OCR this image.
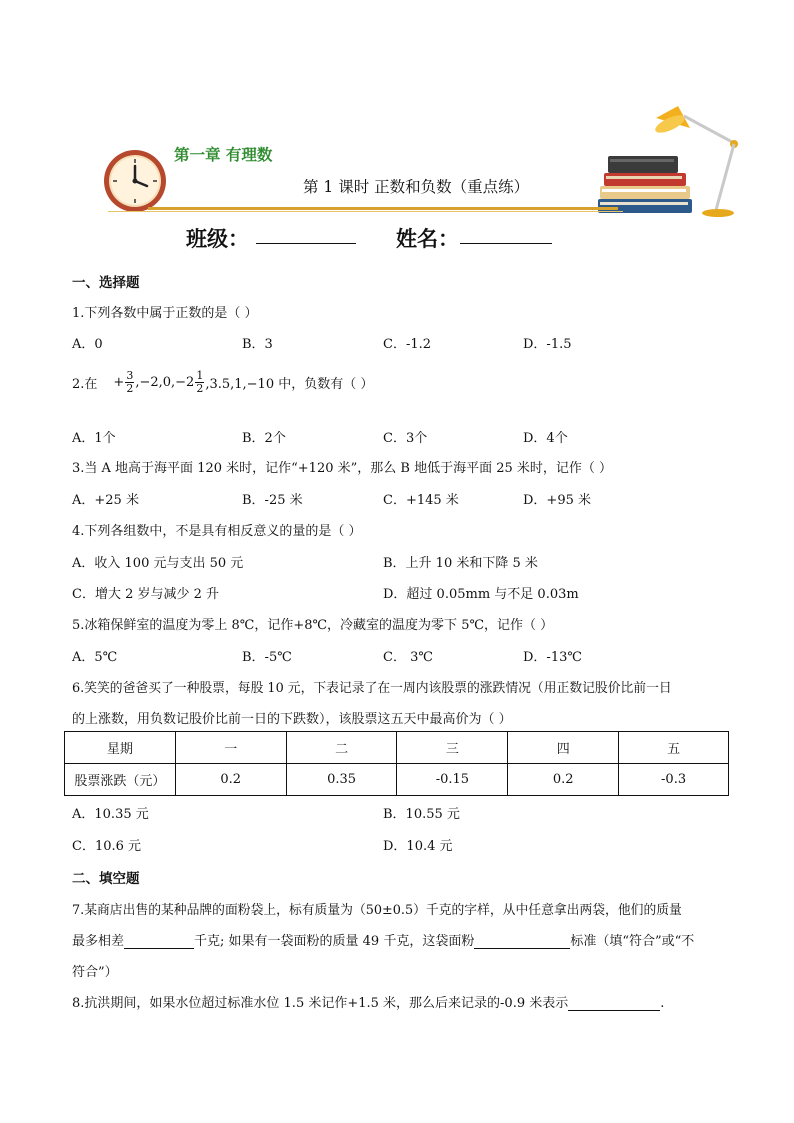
第一章 有理数
第 1 课时 正数和负数（重点练）
班级：	姓名：
一、选择题
1.下列各数中属于正数的是（ ）
A．0	B．3	C．-1.2	D．-1.5
2.在 + $\frac{3}{2} ,-2,0,-2 \frac{1}{2} ,3.5,1,-10$ 中，负数有（ ）
A．1个	B．2个	C．3个	D．4个
3.当 A 地高于海平面 120 米时，记作“+120 米”，那么 B 地低于海平面 25 米时，记作（ ）
A．+25 米	B．-25 米	C．+145 米	D．+95 米
4.下列各组数中，不是具有相反意义的量的是（ ）
A．收入 100 元与支出 50 元	B．上升 10 米和下降 5 米
C．增大 2 岁与减少 2 升	D．超过 0.05mm 与不足 0.03m
5.冰箱保鲜室的温度为零上 8℃，记作+8℃，冷藏室的温度为零下 5℃，记作（ ）
A．5℃	B．-5℃	C． 3℃	D．-13℃
6.笑笑的爸爸买了一种股票，每股 10 元，下表记录了在一周内该股票的涨跌情况（用正数记股价比前一日
的上涨数，用负数记股价比前一日的下跌数），该股票这五天中最高价为（ ）
星期	一	二	三	四	五
股票涨跌（元）	0.2	0.35	-0.15	0.2	-0.3
A．10.35 元	B．10.55 元
C．10.6 元	D．10.4 元
二、填空题
7.某商店出售的某种品牌的面粉袋上，标有质量为（50±0.5）千克的字样，从中任意拿出两袋，他们的质量
最多相差	千克; 如果有一袋面粉的质量 49 千克，这袋面粉	标准（填“符合”或“不
符合”）
8.抗洪期间，如果水位超过标准水位 1.5 米记作+1.5 米，那么后来记录的-0.9 米表示	.
